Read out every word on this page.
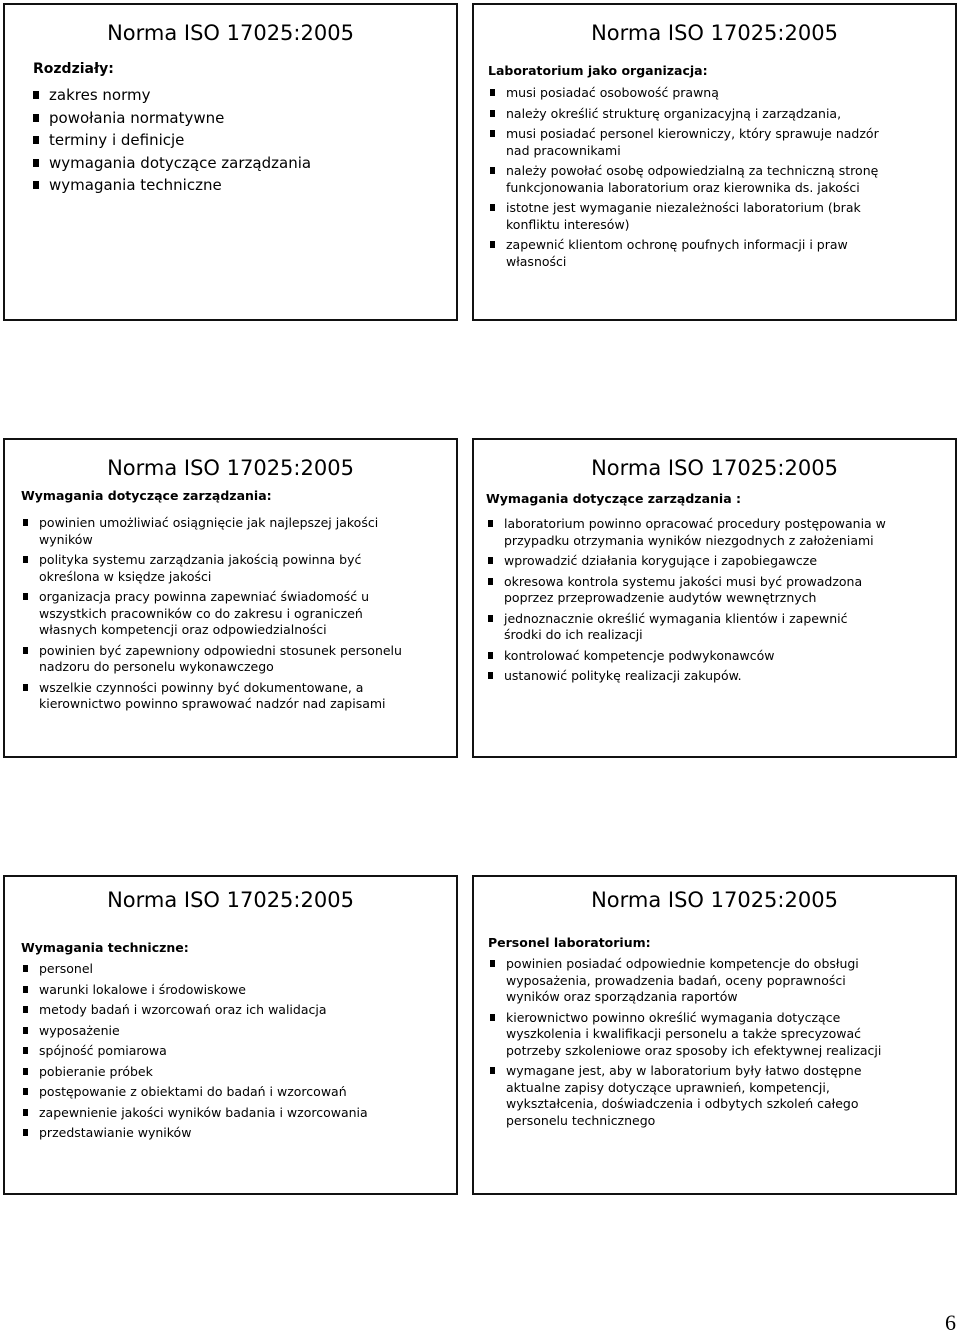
Norma ISO 17025:2005
Rozdziały:
zakres normy
powołania normatywne
terminy i definicje
wymagania dotyczące zarządzania
wymagania techniczne
Norma ISO 17025:2005
Laboratorium jako organizacja:
musi posiadać osobowość prawną
należy określić strukturę organizacyjną i zarządzania,
musi posiadać personel kierowniczy, który sprawuje nadzór nad pracownikami
należy powołać osobę odpowiedzialną za techniczną stronę funkcjonowania laboratorium oraz kierownika ds. jakości
istotne jest wymaganie niezależności laboratorium (brak konfliktu interesów)
zapewnić klientom ochronę poufnych informacji i praw własności
Norma ISO 17025:2005
Wymagania dotyczące zarządzania:
powinien umożliwiać osiągnięcie jak najlepszej jakości wyników
polityka systemu zarządzania jakością powinna być określona w księdze jakości
organizacja pracy powinna zapewniać świadomość u wszystkich pracowników co do zakresu i ograniczeń własnych kompetencji oraz odpowiedzialności
powinien być zapewniony odpowiedni stosunek personelu nadzoru do personelu wykonawczego
wszelkie czynności powinny być dokumentowane, a kierownictwo powinno sprawować nadzór nad zapisami
Norma ISO 17025:2005
Wymagania dotyczące zarządzania :
laboratorium powinno opracować procedury postępowania w przypadku otrzymania wyników niezgodnych z założeniami
wprowadzić działania korygujące i zapobiegawcze
okresowa kontrola systemu jakości musi być prowadzona poprzez przeprowadzenie audytów wewnętrznych
jednoznacznie określić wymagania klientów i zapewnić środki do ich realizacji
kontrolować kompetencje podwykonawców
ustanowić politykę realizacji zakupów.
Norma ISO 17025:2005
Wymagania techniczne:
personel
warunki lokalowe i środowiskowe
metody badań i wzorcowań oraz ich walidacja
wyposażenie
spójność pomiarowa
pobieranie próbek
postępowanie z obiektami do badań i wzorcowań
zapewnienie jakości wyników badania i wzorcowania
przedstawianie wyników
Norma ISO 17025:2005
Personel laboratorium:
powinien posiadać odpowiednie kompetencje do obsługi wyposażenia, prowadzenia badań, oceny poprawności wyników oraz sporządzania raportów
kierownictwo powinno określić wymagania dotyczące wyszkolenia i kwalifikacji personelu a także sprecyzować potrzeby szkoleniowe oraz sposoby ich efektywnej realizacji
wymagane jest, aby w laboratorium były łatwo dostępne aktualne zapisy dotyczące uprawnień, kompetencji, wykształcenia, doświadczenia i odbytych szkoleń całego personelu technicznego
6
